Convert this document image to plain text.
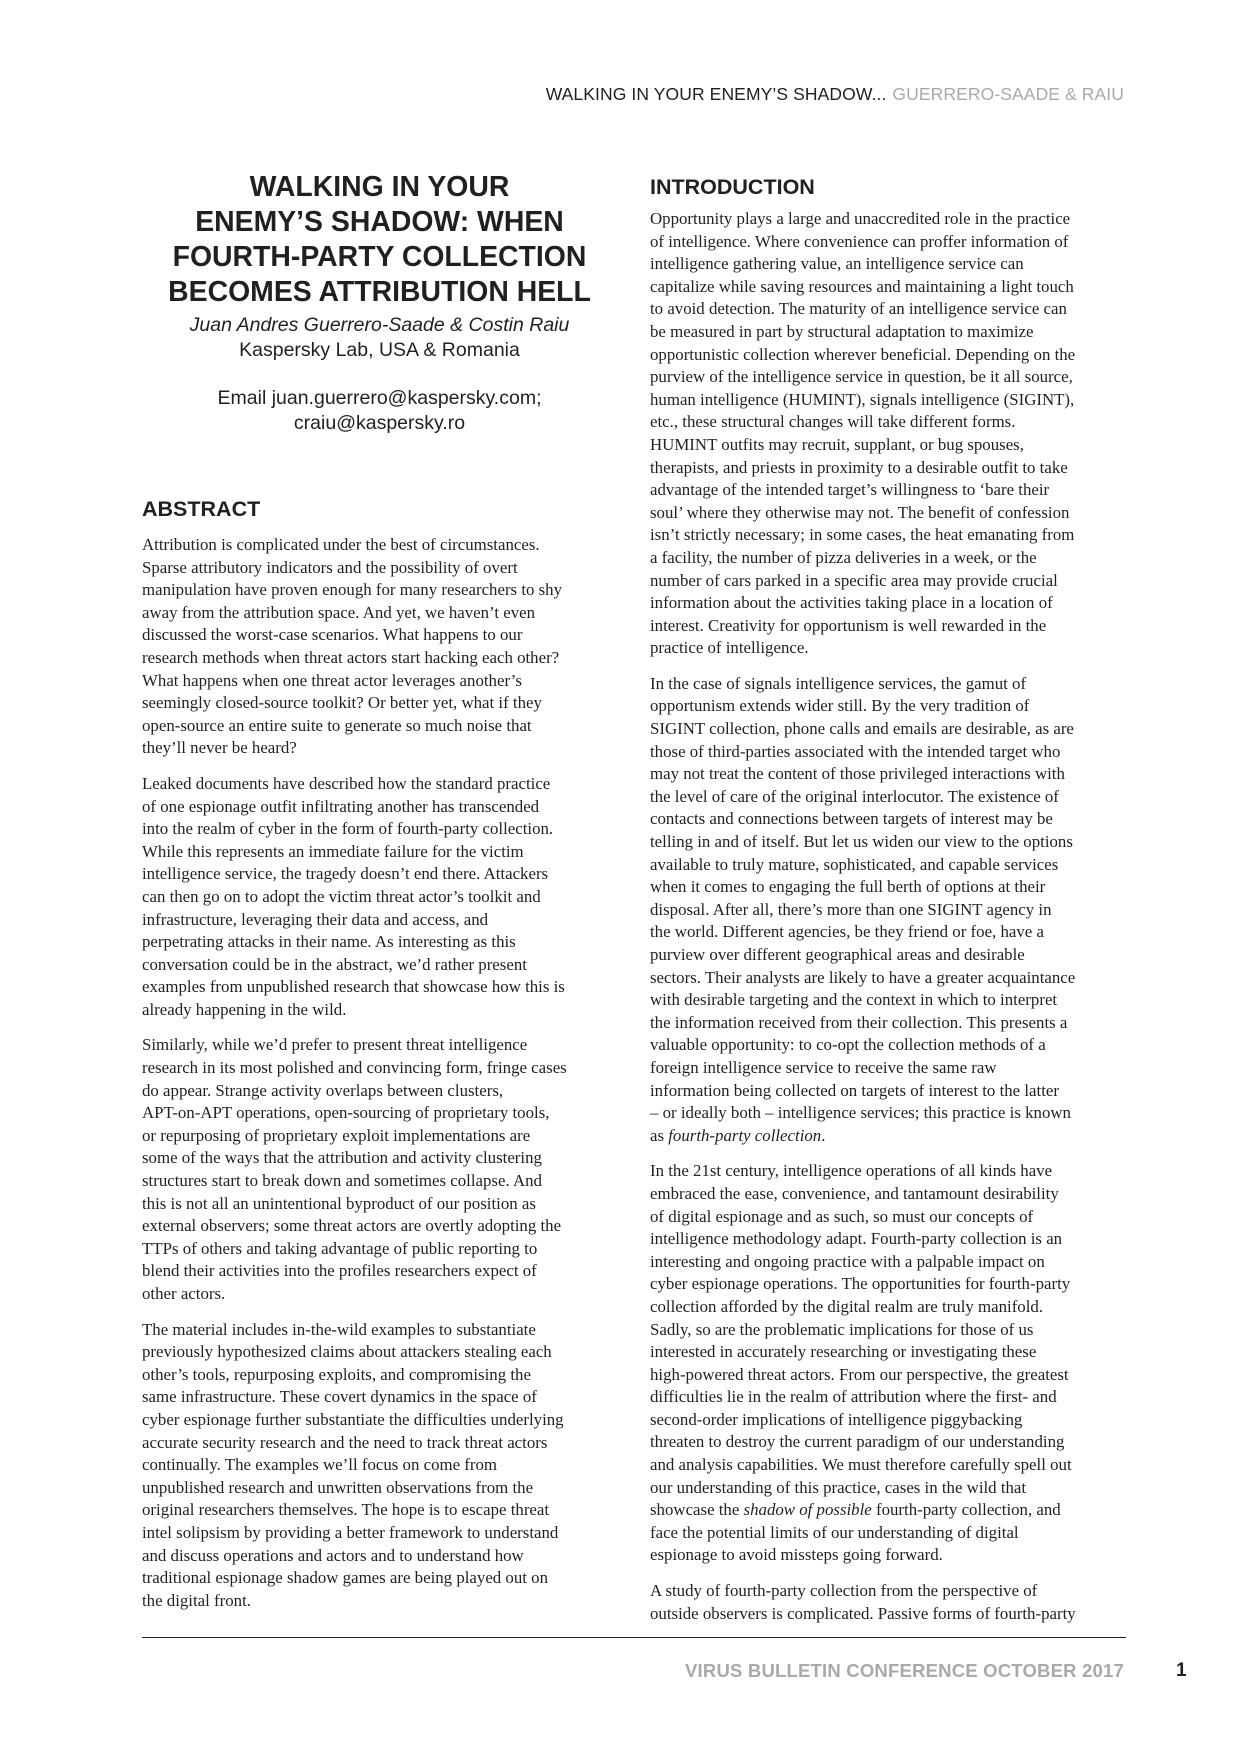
WALKING IN YOUR ENEMY’S SHADOW... GUERRERO-SAADE & RAIU
WALKING IN YOUR
ENEMY’S SHADOW: WHEN
FOURTH-PARTY COLLECTION
BECOMES ATTRIBUTION HELL
Juan Andres Guerrero-Saade & Costin Raiu
Kaspersky Lab, USA & Romania
Email juan.guerrero@kaspersky.com;
craiu@kaspersky.ro
ABSTRACT

Attribution is complicated under the best of circumstances.
Sparse attributory indicators and the possibility of overt
manipulation have proven enough for many researchers to shy
away from the attribution space. And yet, we haven’t even
discussed the worst-case scenarios. What happens to our
research methods when threat actors start hacking each other?
What happens when one threat actor leverages another’s
seemingly closed-source toolkit? Or better yet, what if they
open-source an entire suite to generate so much noise that
they’ll never be heard?

Leaked documents have described how the standard practice
of one espionage outfit infiltrating another has transcended
into the realm of cyber in the form of fourth-party collection.
While this represents an immediate failure for the victim
intelligence service, the tragedy doesn’t end there. Attackers
can then go on to adopt the victim threat actor’s toolkit and
infrastructure, leveraging their data and access, and
perpetrating attacks in their name. As interesting as this
conversation could be in the abstract, we’d rather present
examples from unpublished research that showcase how this is
already happening in the wild.

Similarly, while we’d prefer to present threat intelligence
research in its most polished and convincing form, fringe cases
do appear. Strange activity overlaps between clusters,
APT-on-APT operations, open-sourcing of proprietary tools,
or repurposing of proprietary exploit implementations are
some of the ways that the attribution and activity clustering
structures start to break down and sometimes collapse. And
this is not all an unintentional byproduct of our position as
external observers; some threat actors are overtly adopting the
TTPs of others and taking advantage of public reporting to
blend their activities into the profiles researchers expect of
other actors.

The material includes in-the-wild examples to substantiate
previously hypothesized claims about attackers stealing each
other’s tools, repurposing exploits, and compromising the
same infrastructure. These covert dynamics in the space of
cyber espionage further substantiate the difficulties underlying
accurate security research and the need to track threat actors
continually. The examples we’ll focus on come from
unpublished research and unwritten observations from the
original researchers themselves. The hope is to escape threat
intel solipsism by providing a better framework to understand
and discuss operations and actors and to understand how
traditional espionage shadow games are being played out on
the digital front.

INTRODUCTION

Opportunity plays a large and unaccredited role in the practice
of intelligence. Where convenience can proffer information of
intelligence gathering value, an intelligence service can
capitalize while saving resources and maintaining a light touch
to avoid detection. The maturity of an intelligence service can
be measured in part by structural adaptation to maximize
opportunistic collection wherever beneficial. Depending on the
purview of the intelligence service in question, be it all source,
human intelligence (HUMINT), signals intelligence (SIGINT),
etc., these structural changes will take different forms.
HUMINT outfits may recruit, supplant, or bug spouses,
therapists, and priests in proximity to a desirable outfit to take
advantage of the intended target’s willingness to ‘bare their
soul’ where they otherwise may not. The benefit of confession
isn’t strictly necessary; in some cases, the heat emanating from
a facility, the number of pizza deliveries in a week, or the
number of cars parked in a specific area may provide crucial
information about the activities taking place in a location of
interest. Creativity for opportunism is well rewarded in the
practice of intelligence.

In the case of signals intelligence services, the gamut of
opportunism extends wider still. By the very tradition of
SIGINT collection, phone calls and emails are desirable, as are
those of third-parties associated with the intended target who
may not treat the content of those privileged interactions with
the level of care of the original interlocutor. The existence of
contacts and connections between targets of interest may be
telling in and of itself. But let us widen our view to the options
available to truly mature, sophisticated, and capable services
when it comes to engaging the full berth of options at their
disposal. After all, there’s more than one SIGINT agency in
the world. Different agencies, be they friend or foe, have a
purview over different geographical areas and desirable
sectors. Their analysts are likely to have a greater acquaintance
with desirable targeting and the context in which to interpret
the information received from their collection. This presents a
valuable opportunity: to co-opt the collection methods of a
foreign intelligence service to receive the same raw
information being collected on targets of interest to the latter
– or ideally both – intelligence services; this practice is known
as fourth-party collection.

In the 21st century, intelligence operations of all kinds have
embraced the ease, convenience, and tantamount desirability
of digital espionage and as such, so must our concepts of
intelligence methodology adapt. Fourth-party collection is an
interesting and ongoing practice with a palpable impact on
cyber espionage operations. The opportunities for fourth-party
collection afforded by the digital realm are truly manifold.
Sadly, so are the problematic implications for those of us
interested in accurately researching or investigating these
high-powered threat actors. From our perspective, the greatest
difficulties lie in the realm of attribution where the first- and
second-order implications of intelligence piggybacking
threaten to destroy the current paradigm of our understanding
and analysis capabilities. We must therefore carefully spell out
our understanding of this practice, cases in the wild that
showcase the shadow of possible fourth-party collection, and
face the potential limits of our understanding of digital
espionage to avoid missteps going forward.

A study of fourth-party collection from the perspective of
outside observers is complicated. Passive forms of fourth-party

VIRUS BULLETIN CONFERENCE OCTOBER 2017	1
